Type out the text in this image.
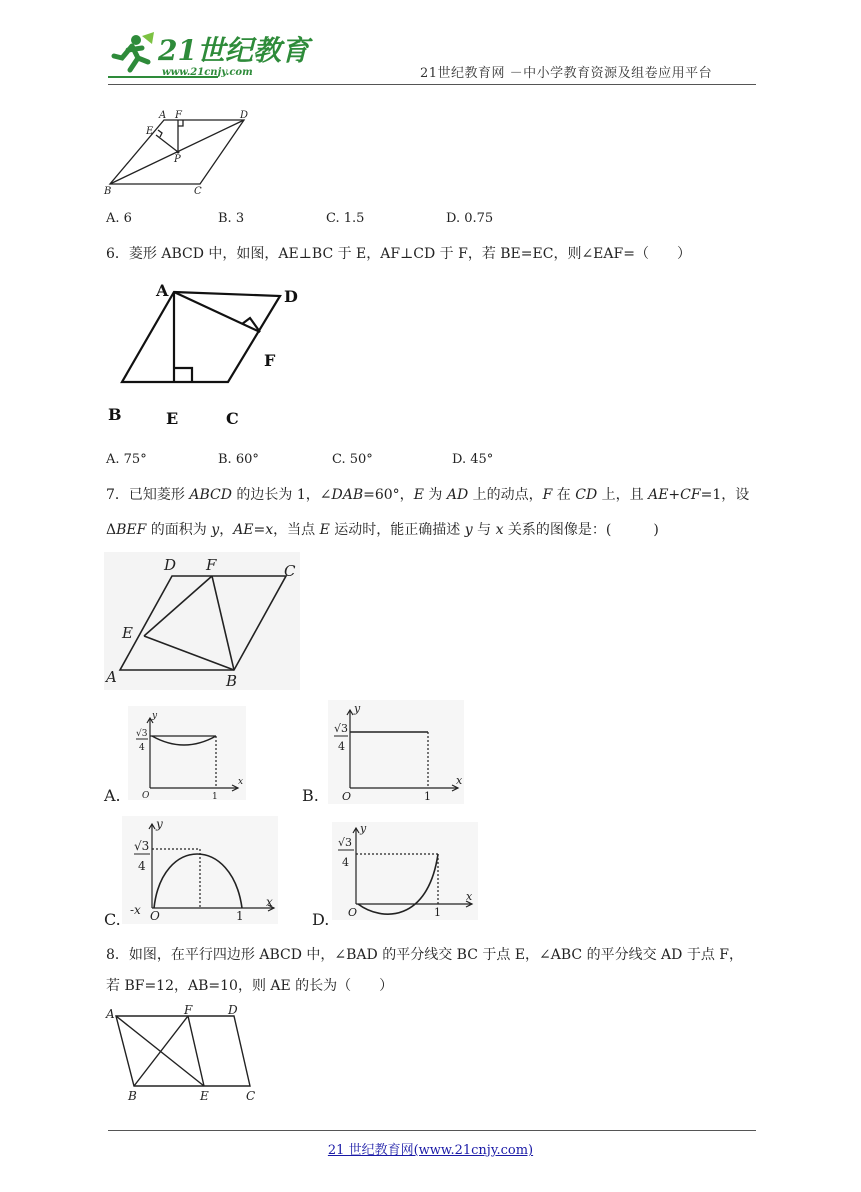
21世纪教育
www.21cnjy.com	21世纪教育网 －中小学教育资源及组卷应用平台
A F	D
E
P
B	C
A. 6	B. 3	C. 1.5	D. 0.75
6．菱形 ABCD 中，如图，AE⊥BC 于 E，AF⊥CD 于 F，若 BE=EC，则∠EAF=（　　）
A	D
F
B	E	C
A. 75°	B. 60°	C. 50°	D. 45°
7．已知菱形 ABCD 的边长为 1，∠DAB=60°，E 为 AD 上的动点，F 在 CD 上，且 AE+CF=1，设
ΔBEF 的面积为 y，AE=x，当点 E 运动时，能正确描述 y 与 x 关系的图像是：(　　　)
D F	C
E
A	B
A.
y
√3
4
O	1
x
B.
y
√3
4
O	1
x
C.
y
√3
4
-x O	1
x
D.
y
√3
4
O	1
x
8．如图，在平行四边形 ABCD 中，∠BAD 的平分线交 BC 于点 E，∠ABC 的平分线交 AD 于点 F，
若 BF=12，AB=10，则 AE 的长为（　　）
A	F	D
B	E	C
21 世纪教育网(www.21cnjy.com)
